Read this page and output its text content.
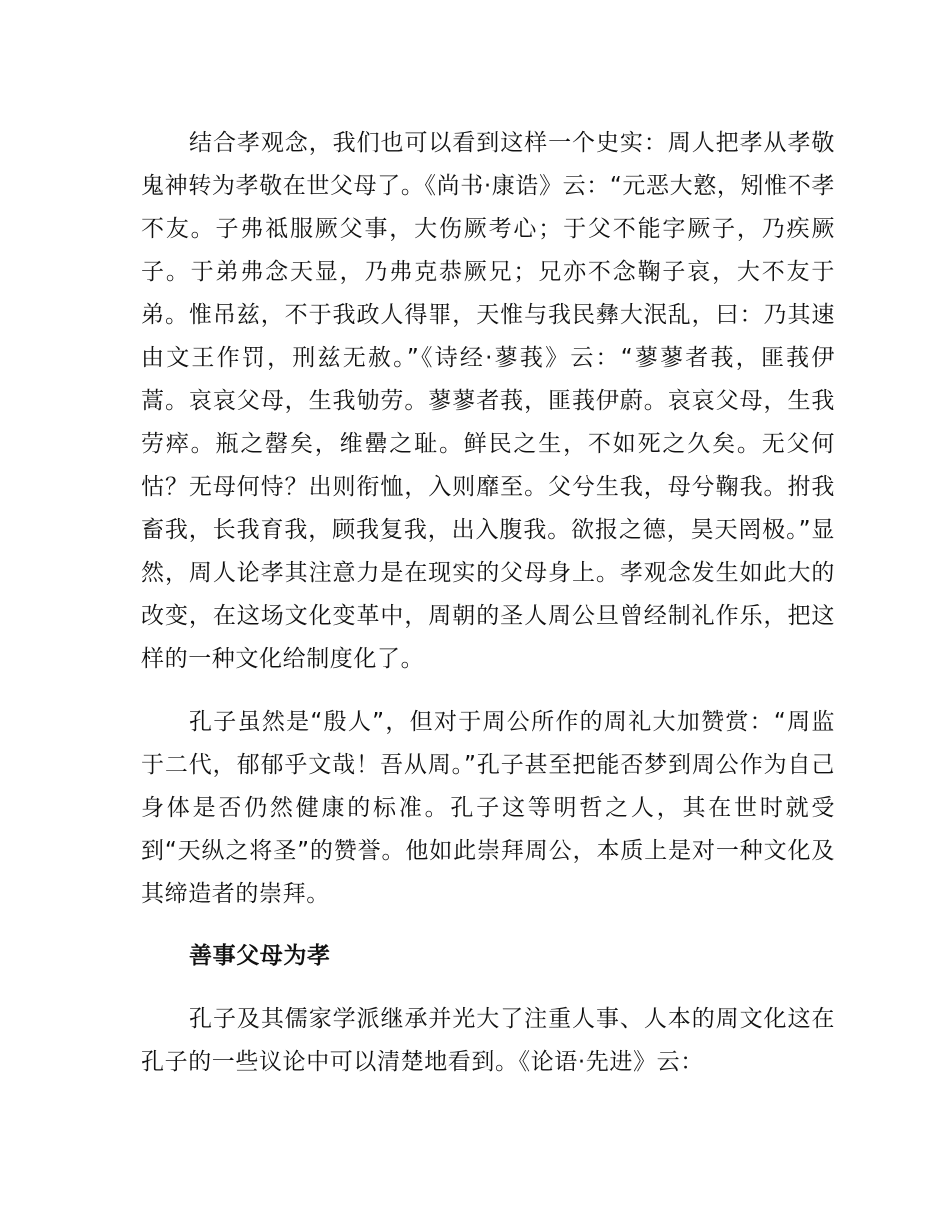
结合孝观念，我们也可以看到这样一个史实：周人把孝从孝敬鬼神转为孝敬在世父母了。《尚书·康诰》云：“元恶大憝，矧惟不孝不友。子弗祗服厥父事，大伤厥考心；于父不能字厥子，乃疾厥子。于弟弗念天显，乃弗克恭厥兄；兄亦不念鞠子哀，大不友于弟。惟吊兹，不于我政人得罪，天惟与我民彝大泯乱，曰：乃其速由文王作罚，刑兹无赦。”《诗经·蓼莪》云：“蓼蓼者莪，匪莪伊蒿。哀哀父母，生我劬劳。蓼蓼者莪，匪莪伊蔚。哀哀父母，生我劳瘁。瓶之罄矣，维罍之耻。鲜民之生，不如死之久矣。无父何怙？无母何恃？出则衔恤，入则靡至。父兮生我，母兮鞠我。拊我畜我，长我育我，顾我复我，出入腹我。欲报之德，昊天罔极。”显然，周人论孝其注意力是在现实的父母身上。孝观念发生如此大的改变，在这场文化变革中，周朝的圣人周公旦曾经制礼作乐，把这样的一种文化给制度化了。

孔子虽然是“殷人”，但对于周公所作的周礼大加赞赏：“周监于二代，郁郁乎文哉！吾从周。”孔子甚至把能否梦到周公作为自己身体是否仍然健康的标准。孔子这等明哲之人，其在世时就受到“天纵之将圣”的赞誉。他如此崇拜周公，本质上是对一种文化及其缔造者的崇拜。

善事父母为孝

孔子及其儒家学派继承并光大了注重人事、人本的周文化这在孔子的一些议论中可以清楚地看到。《论语·先进》云：
